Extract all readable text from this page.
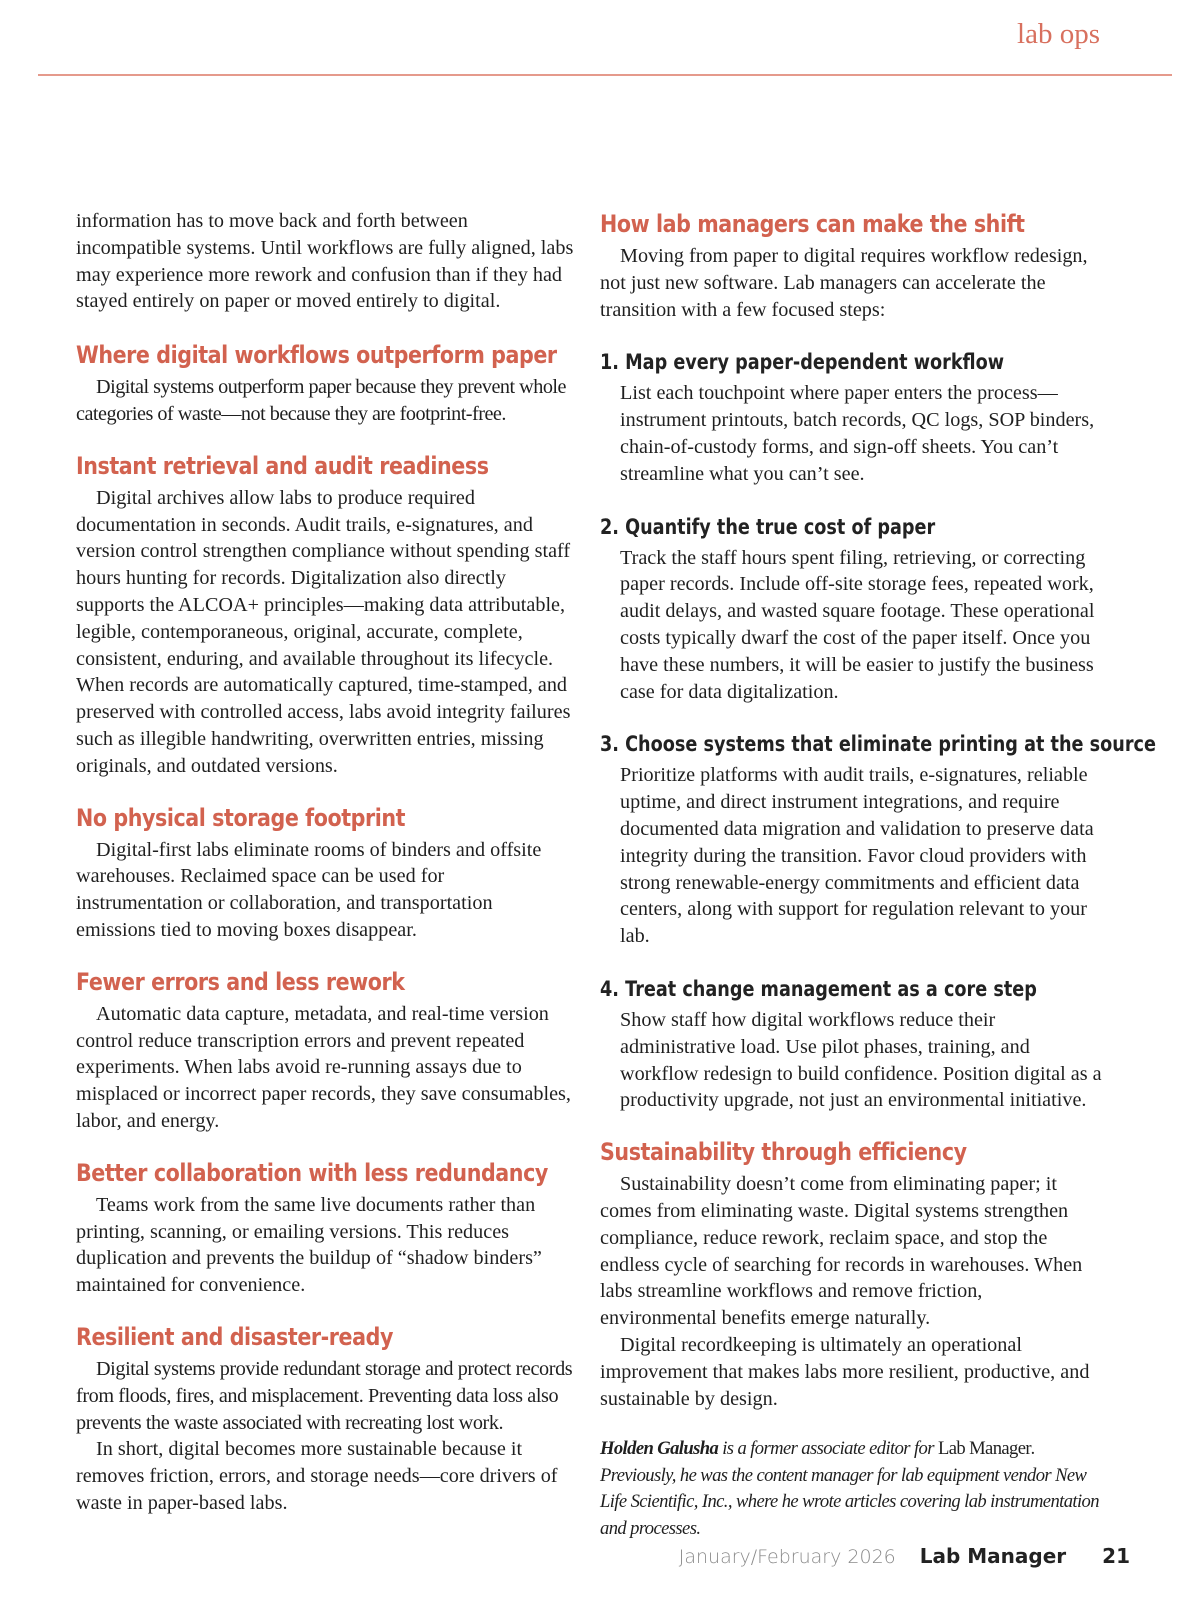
lab ops

information has to move back and forth between incompatible systems. Until workflows are fully aligned, labs may experience more rework and confusion than if they had stayed entirely on paper or moved entirely to digital.

Where digital workflows outperform paper

Digital systems outperform paper because they prevent whole categories of waste—not because they are footprint-free.

Instant retrieval and audit readiness

Digital archives allow labs to produce required documentation in seconds. Audit trails, e-signatures, and version control strengthen compliance without spending staff hours hunting for records. Digitalization also directly supports the ALCOA+ principles—making data attributable, legible, contemporaneous, original, accurate, complete, consistent, enduring, and available throughout its lifecycle. When records are automatically captured, time-stamped, and preserved with controlled access, labs avoid integrity failures such as illegible handwriting, overwritten entries, missing originals, and outdated versions.

No physical storage footprint

Digital-first labs eliminate rooms of binders and offsite warehouses. Reclaimed space can be used for instrumentation or collaboration, and transportation emissions tied to moving boxes disappear.

Fewer errors and less rework

Automatic data capture, metadata, and real-time version control reduce transcription errors and prevent repeated experiments. When labs avoid re-running assays due to misplaced or incorrect paper records, they save consumables, labor, and energy.

Better collaboration with less redundancy

Teams work from the same live documents rather than printing, scanning, or emailing versions. This reduces duplication and prevents the buildup of “shadow binders” maintained for convenience.

Resilient and disaster-ready

Digital systems provide redundant storage and protect records from floods, fires, and misplacement. Preventing data loss also prevents the waste associated with recreating lost work.

In short, digital becomes more sustainable because it removes friction, errors, and storage needs—core drivers of waste in paper-based labs.

How lab managers can make the shift

Moving from paper to digital requires workflow redesign, not just new software. Lab managers can accelerate the transition with a few focused steps:

1. Map every paper-dependent workflow

List each touchpoint where paper enters the process—instrument printouts, batch records, QC logs, SOP binders, chain-of-custody forms, and sign-off sheets. You can’t streamline what you can’t see.

2. Quantify the true cost of paper

Track the staff hours spent filing, retrieving, or correcting paper records. Include off-site storage fees, repeated work, audit delays, and wasted square footage. These operational costs typically dwarf the cost of the paper itself. Once you have these numbers, it will be easier to justify the business case for data digitalization.

3. Choose systems that eliminate printing at the source

Prioritize platforms with audit trails, e-signatures, reliable uptime, and direct instrument integrations, and require documented data migration and validation to preserve data integrity during the transition. Favor cloud providers with strong renewable-energy commitments and efficient data centers, along with support for regulation relevant to your lab.

4. Treat change management as a core step

Show staff how digital workflows reduce their administrative load. Use pilot phases, training, and workflow redesign to build confidence. Position digital as a productivity upgrade, not just an environmental initiative.

Sustainability through efficiency

Sustainability doesn’t come from eliminating paper; it comes from eliminating waste. Digital systems strengthen compliance, reduce rework, reclaim space, and stop the endless cycle of searching for records in warehouses. When labs streamline workflows and remove friction, environmental benefits emerge naturally.

Digital recordkeeping is ultimately an operational improvement that makes labs more resilient, productive, and sustainable by design.

Holden Galusha is a former associate editor for Lab Manager. Previously, he was the content manager for lab equipment vendor New Life Scientific, Inc., where he wrote articles covering lab instrumentation and processes.

January/February 2026 Lab Manager 21
